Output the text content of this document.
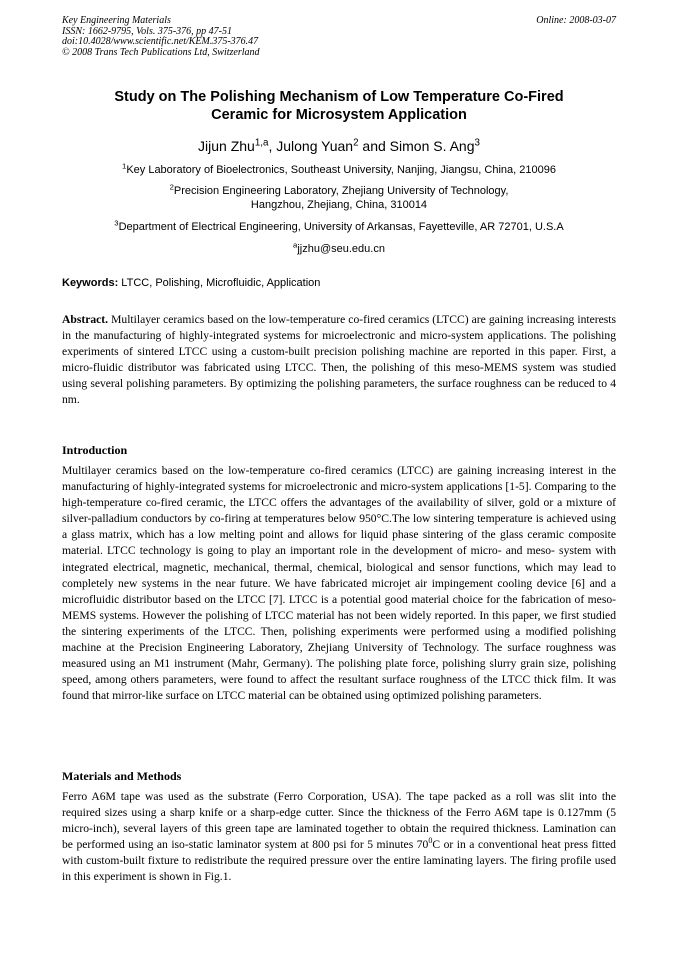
Key Engineering Materials
ISSN: 1662-9795, Vols. 375-376, pp 47-51
doi:10.4028/www.scientific.net/KEM.375-376.47
© 2008 Trans Tech Publications Ltd, Switzerland
Online: 2008-03-07
Study on The Polishing Mechanism of Low Temperature Co-Fired
Ceramic for Microsystem Application
Jijun Zhu$^{1,a}$, Julong Yuan$^2$ and Simon S. Ang$^3$
$^1$Key Laboratory of Bioelectronics, Southeast University, Nanjing, Jiangsu, China, 210096
$^2$Precision Engineering Laboratory, Zhejiang University of Technology,
Hangzhou, Zhejiang, China, 310014
$^3$Department of Electrical Engineering, University of Arkansas, Fayetteville, AR 72701, U.S.A
$^a$jjzhu@seu.edu.cn
Keywords: LTCC, Polishing, Microfluidic, Application
Abstract. Multilayer ceramics based on the low-temperature co-fired ceramics (LTCC) are gaining increasing interests in the manufacturing of highly-integrated systems for microelectronic and micro-system applications. The polishing experiments of sintered LTCC using a custom-built precision polishing machine are reported in this paper. First, a micro-fluidic distributor was fabricated using LTCC. Then, the polishing of this meso-MEMS system was studied using several polishing parameters. By optimizing the polishing parameters, the surface roughness can be reduced to 4 nm.
Introduction
Multilayer ceramics based on the low-temperature co-fired ceramics (LTCC) are gaining increasing interest in the manufacturing of highly-integrated systems for microelectronic and micro-system applications [1-5]. Comparing to the high-temperature co-fired ceramic, the LTCC offers the advantages of the availability of silver, gold or a mixture of silver-palladium conductors by co-firing at temperatures below 950°C.The low sintering temperature is achieved using a glass matrix, which has a low melting point and allows for liquid phase sintering of the glass ceramic composite material. LTCC technology is going to play an important role in the development of micro- and meso- system with integrated electrical, magnetic, mechanical, thermal, chemical, biological and sensor functions, which may lead to completely new systems in the near future. We have fabricated microjet air impingement cooling device [6] and a microfluidic distributor based on the LTCC [7]. LTCC is a potential good material choice for the fabrication of meso-MEMS systems. However the polishing of LTCC material has not been widely reported. In this paper, we first studied the sintering experiments of the LTCC. Then, polishing experiments were performed using a modified polishing machine at the Precision Engineering Laboratory, Zhejiang University of Technology. The surface roughness was measured using an M1 instrument (Mahr, Germany). The polishing plate force, polishing slurry grain size, polishing speed, among others parameters, were found to affect the resultant surface roughness of the LTCC thick film. It was found that mirror-like surface on LTCC material can be obtained using optimized polishing parameters.
Materials and Methods
Ferro A6M tape was used as the substrate (Ferro Corporation, USA). The tape packed as a roll was slit into the required sizes using a sharp knife or a sharp-edge cutter. Since the thickness of the Ferro A6M tape is 0.127mm (5 micro-inch), several layers of this green tape are laminated together to obtain the required thickness. Lamination can be performed using an iso-static laminator system at 800 psi for 5 minutes $70^0C$ or in a conventional heat press fitted with custom-built fixture to redistribute the required pressure over the entire laminating layers. The firing profile used in this experiment is shown in Fig.1.
